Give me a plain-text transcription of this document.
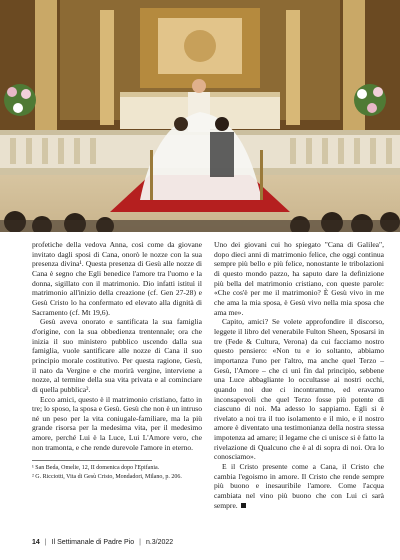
profetiche della vedova Anna, così come da giovane invitato dagli sposi di Cana, onorò le nozze con la sua presenza divina¹. Questa presenza di Gesù alle nozze di Cana è segno che Egli benedice l'amore tra l'uomo e la donna, sigillato con il matrimonio. Dio infatti istituì il matrimonio all'inizio della creazione (cf. Gen 27-28) e Gesù Cristo lo ha confermato ed elevato alla dignità di Sacramento (cf. Mt 19,6).

Gesù aveva onorato e santificata la sua famiglia d'origine, con la sua obbedienza trentennale; ora che inizia il suo ministero pubblico uscendo dalla sua famiglia, vuole santificare alle nozze di Cana il suo principio morale costitutivo. Per questa ragione, Gesù, il nato da Vergine e che morirà vergine, interviene a nozze, al termine della sua vita privata e al cominciare di quella pubblica².

Ecco amici, questo è il matrimonio cristiano, fatto in tre; lo sposo, la sposa e Gesù. Gesù che non è un intruso né un peso per la vita coniugale-familiare, ma la più grande risorsa per la medesima vita, per il medesimo amore, perché Lui è la Luce, Lui L'Amore vero, che non tramonta, e che rende durevole l'amore in eterno.

¹ San Beda, Omelie, 12, II domenica dopo l'Epifania.
² G. Ricciotti, Vita di Gesù Cristo, Mondadori, Milano, p. 206.

Uno dei giovani cui ho spiegato "Cana di Galilea", dopo dieci anni di matrimonio felice, che oggi continua sempre più bello e più felice, nonostante le tribolazioni di questo mondo pazzo, ha saputo dare la definizione più bella del matrimonio cristiano, con queste parole: «Che cos'è per me il matrimonio? È Gesù vivo in me che ama la mia sposa, è Gesù vivo nella mia sposa che ama me».

Capito, amici? Se volete approfondire il discorso, leggete il libro del venerabile Fulton Sheen, Sposarsi in tre (Fede & Cultura, Verona) da cui facciamo nostro questo pensiero: «Non tu e io soltanto, abbiamo importanza l'uno per l'altro, ma anche quel Terzo – Gesù, l'Amore – che ci unì fin dal principio, sebbene una Luce abbagliante lo occultasse ai nostri occhi, quando noi due ci incontrammo, ed eravamo inconsapevoli che quel Terzo fosse più potente di ciascuno di noi. Ma adesso lo sappiamo. Egli si è rivelato a noi tra il tuo isolamento e il mio, e il nostro amore è diventato una testimonianza della nostra stessa impotenza ad amare; il legame che ci unisce si è fatto la rivelazione di Qualcuno che è al di sopra di noi. Ora lo conosciamo».

E il Cristo presente come a Cana, il Cristo che cambia l'egoismo in amore. Il Cristo che rende sempre più buono e inesauribile l'amore. Come l'acqua cambiata nel vino più buono che con Lui ci sarà sempre.

14 | Il Settimanale di Padre Pio | n.3/2022
